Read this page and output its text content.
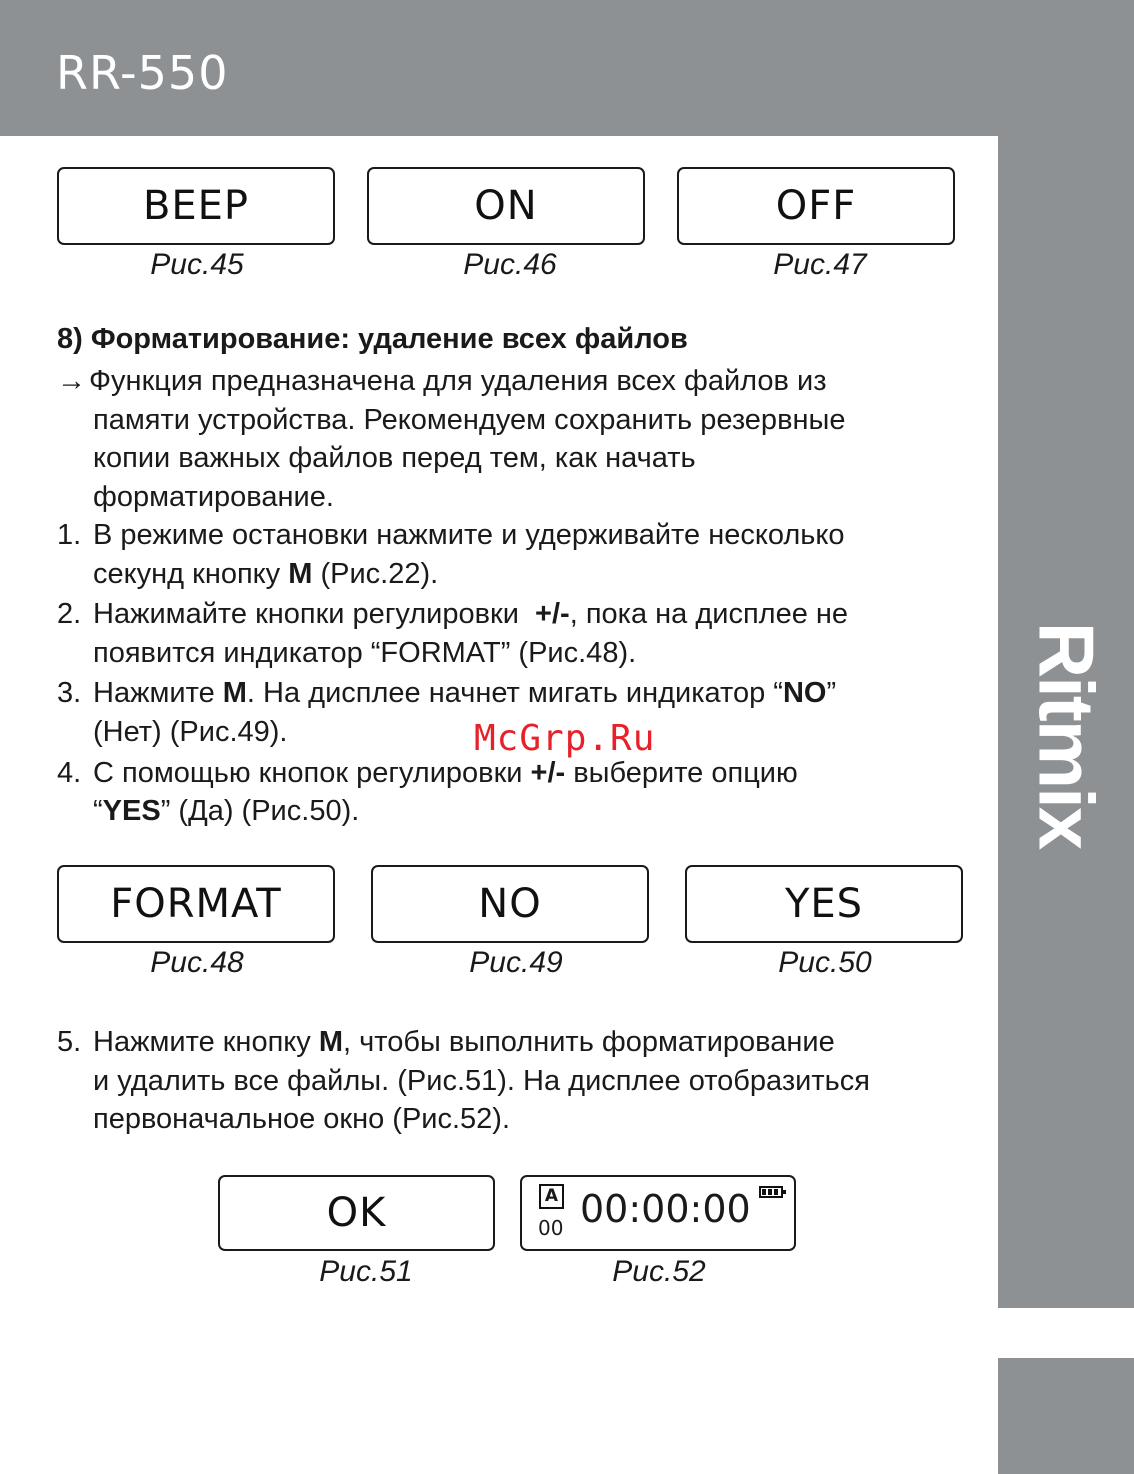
RR-550
Ritmix
BEEP
Рис.45
ON
Рис.46
OFF
Рис.47
8) Форматирование: удаление всех файлов
→ Функция предназначена для удаления всех файлов из
памяти устройства. Рекомендуем сохранить резервные
копии важных файлов перед тем, как начать
форматирование.
1. В режиме остановки нажмите и удерживайте несколько
секунд кнопку M (Рис.22).
2. Нажимайте кнопки регулировки  +/-, пока на дисплее не
появится индикатор “FORMAT” (Рис.48).
3. Нажмите M. На дисплее начнет мигать индикатор “NO”
(Нет) (Рис.49).
4. С помощью кнопок регулировки +/- выберите опцию
“YES” (Да) (Рис.50).
McGrp.Ru
FORMAT
Рис.48
NO
Рис.49
YES
Рис.50
5. Нажмите кнопку M, чтобы выполнить форматирование
и удалить все файлы. (Рис.51). На дисплее отобразиться
первоначальное окно (Рис.52).
OK
Рис.51
A
00 00:00:00
Рис.52
